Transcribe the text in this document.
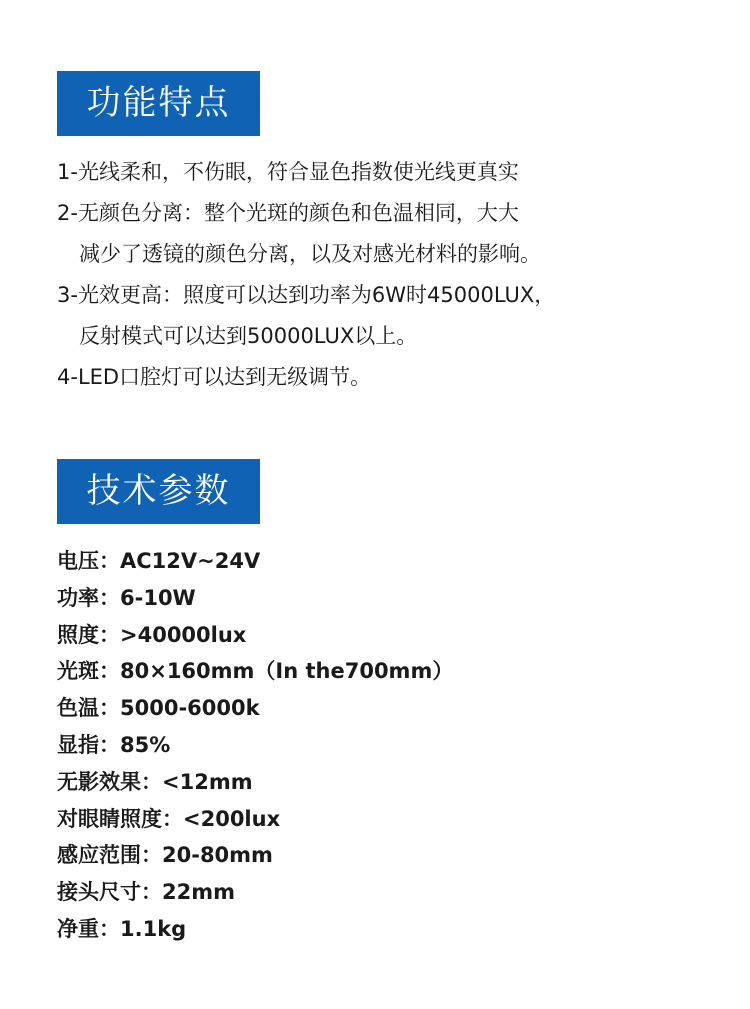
功能特点
1-光线柔和，不伤眼，符合显色指数使光线更真实
2-无颜色分离：整个光斑的颜色和色温相同，大大
减少了透镜的颜色分离，以及对感光材料的影响。
3-光效更高：照度可以达到功率为6W时45000LUX，
反射模式可以达到50000LUX以上。
4-LED口腔灯可以达到无级调节。
技术参数
电压：AC12V~24V
功率：6-10W
照度：>40000lux
光斑：80×160mm（In the700mm）
色温：5000-6000k
显指：85%
无影效果：<12mm
对眼睛照度：<200lux
感应范围：20-80mm
接头尺寸：22mm
净重：1.1kg
